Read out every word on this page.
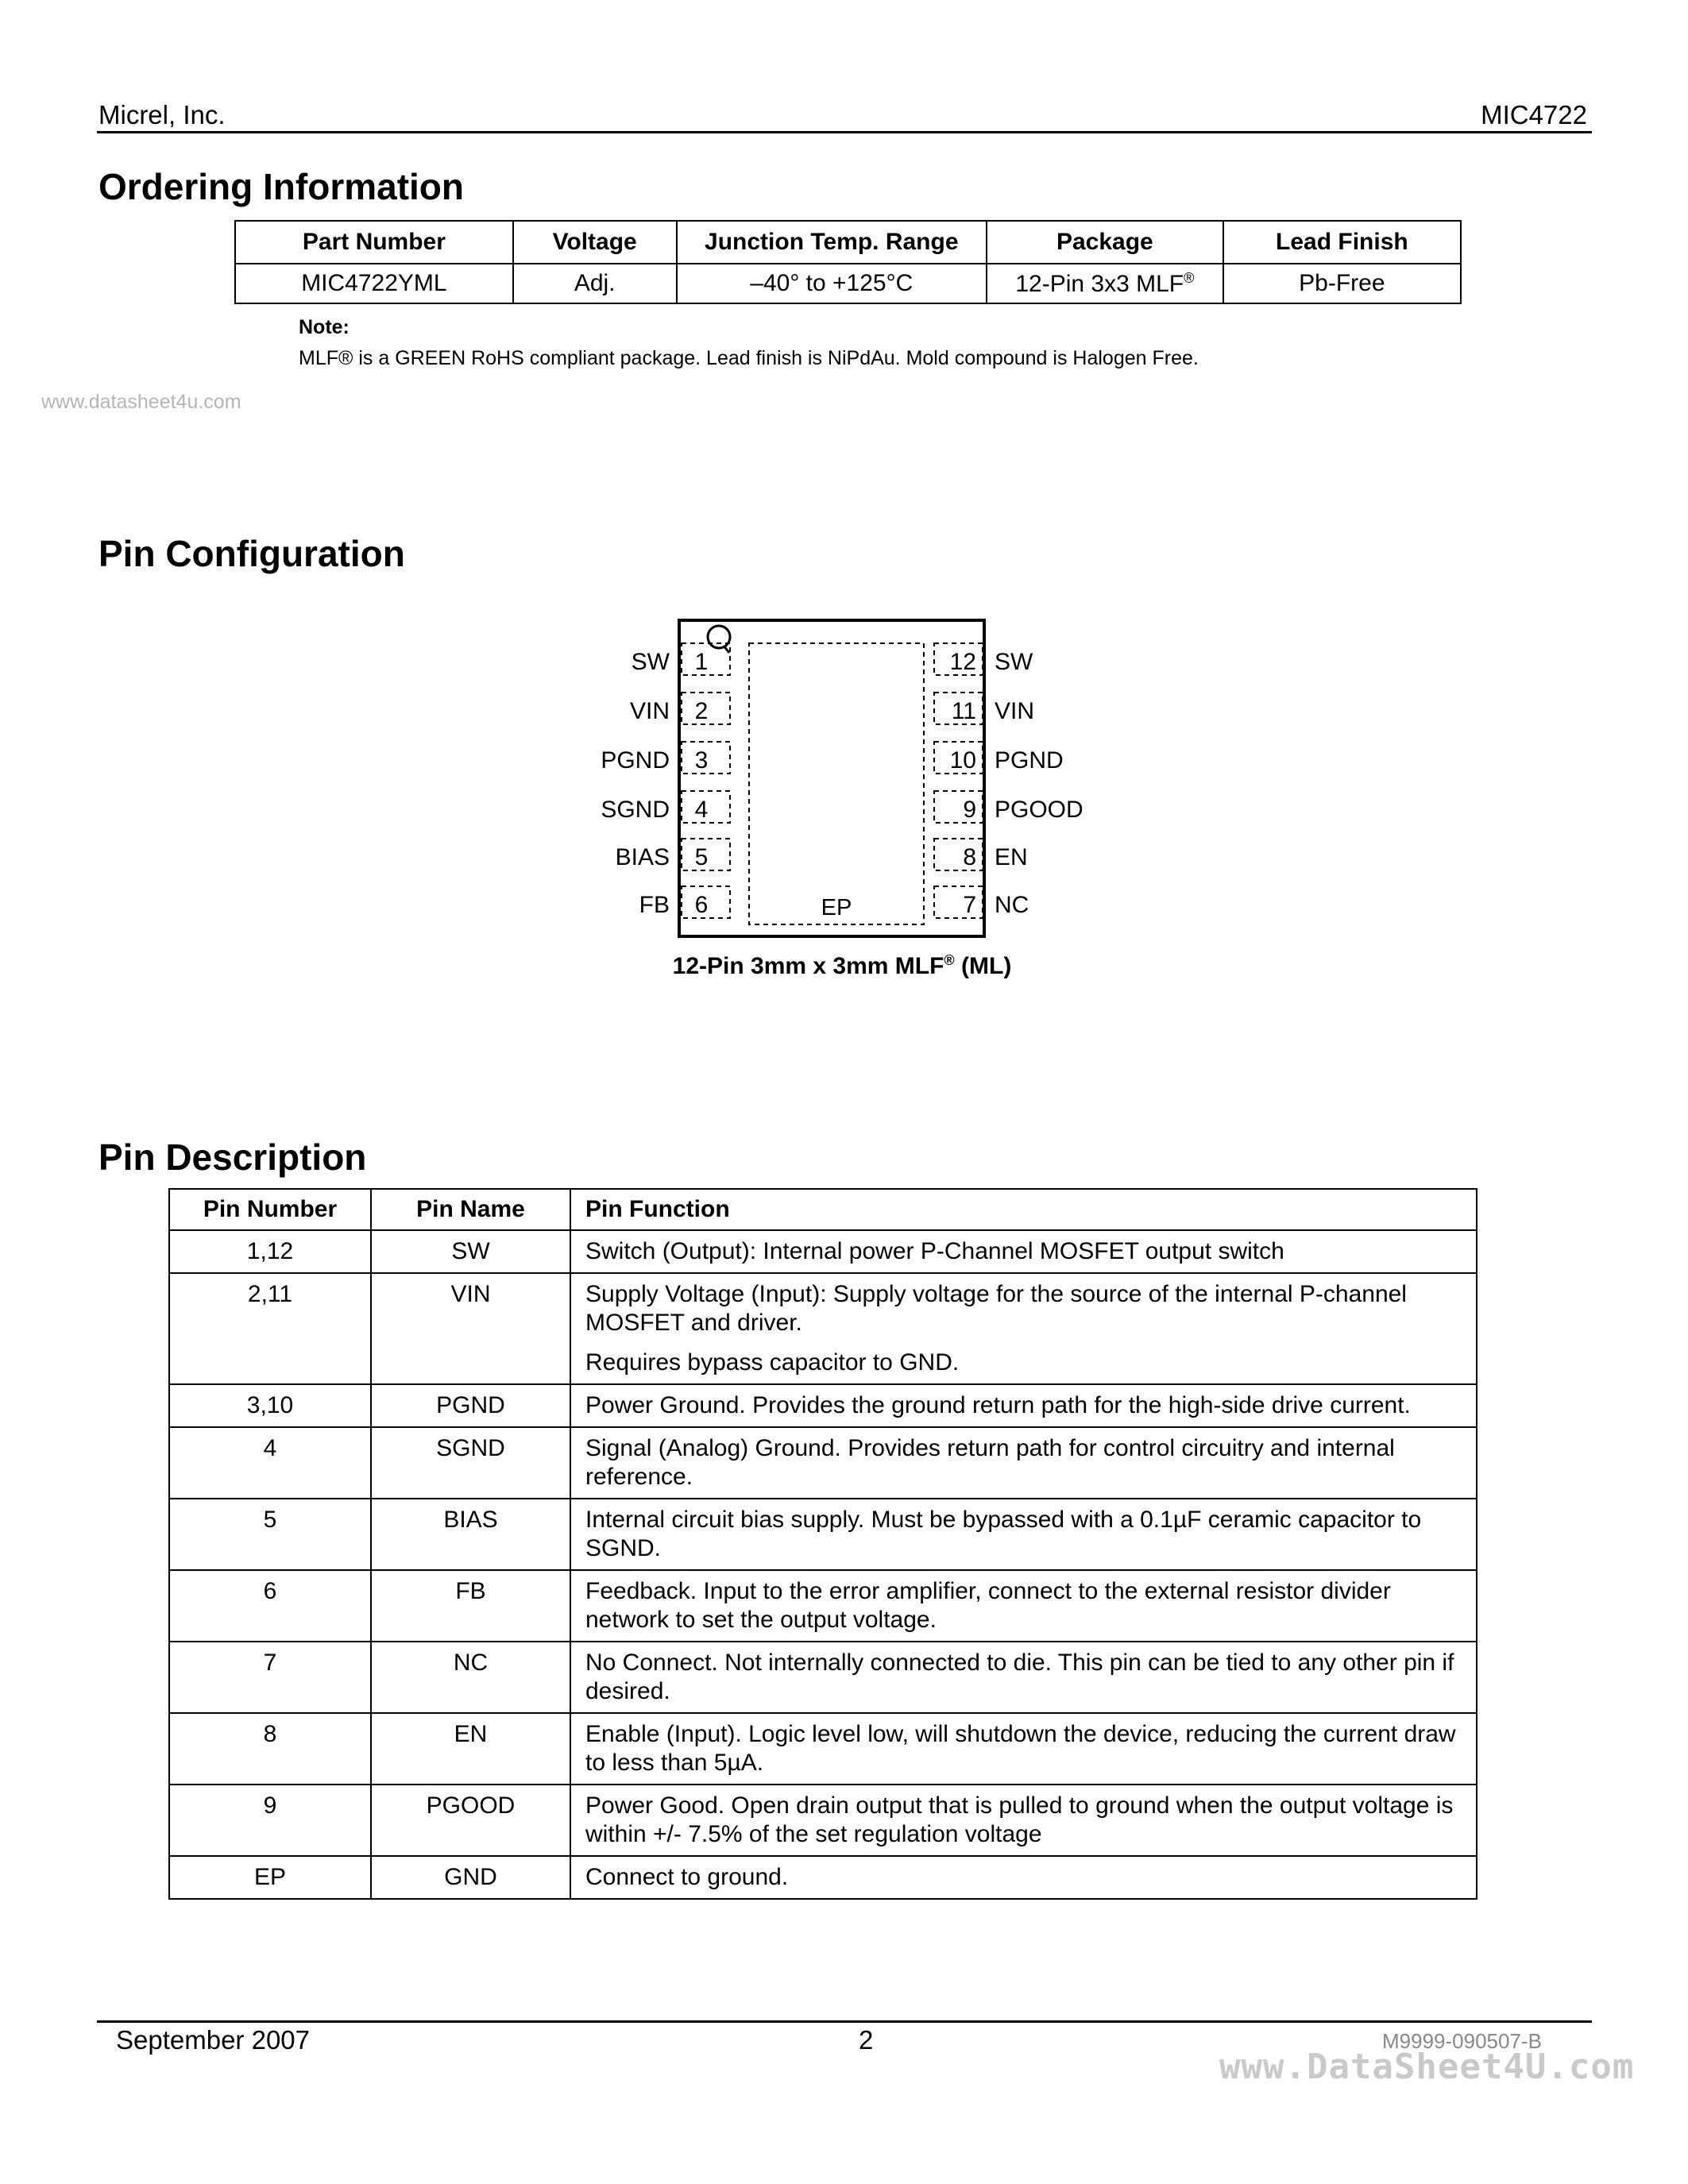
Micrel, Inc.	MIC4722
Ordering Information
Part Number	Voltage	Junction Temp. Range	Package	Lead Finish
MIC4722YML	Adj.	–40° to +125°C	12-Pin 3x3 MLF®	Pb-Free
Note:
MLF® is a GREEN RoHS compliant package. Lead finish is NiPdAu. Mold compound is Halogen Free.
www.datasheet4u.com
Pin Configuration
EP
1
SW
2
VIN
3
PGND
4
SGND
5
BIAS
6
FB
12 SW
11 VIN
10 PGND
9 PGOOD
8 EN
7 NC
12-Pin 3mm x 3mm MLF® (ML)
Pin Description
Pin Number	Pin Name	Pin Function
1,12	SW	Switch (Output): Internal power P-Channel MOSFET output switch

2,11	VIN	Supply Voltage (Input): Supply voltage for the source of the internal P-channel MOSFET and driver.

Requires bypass capacitor to GND.

3,10	PGND	Power Ground. Provides the ground return path for the high-side drive current.

4	SGND	Signal (Analog) Ground. Provides return path for control circuitry and internal reference.

5	BIAS	Internal circuit bias supply. Must be bypassed with a 0.1µF ceramic capacitor to SGND.

6	FB	Feedback. Input to the error amplifier, connect to the external resistor divider network to set the output voltage.

7	NC	No Connect. Not internally connected to die. This pin can be tied to any other pin if desired.

8	EN	Enable (Input). Logic level low, will shutdown the device, reducing the current draw to less than 5µA.

9	PGOOD	Power Good. Open drain output that is pulled to ground when the output voltage is within +/- 7.5% of the set regulation voltage

EP	GND	Connect to ground.

September 2007	2	M9999-090507-B
www.DataSheet4U.com
